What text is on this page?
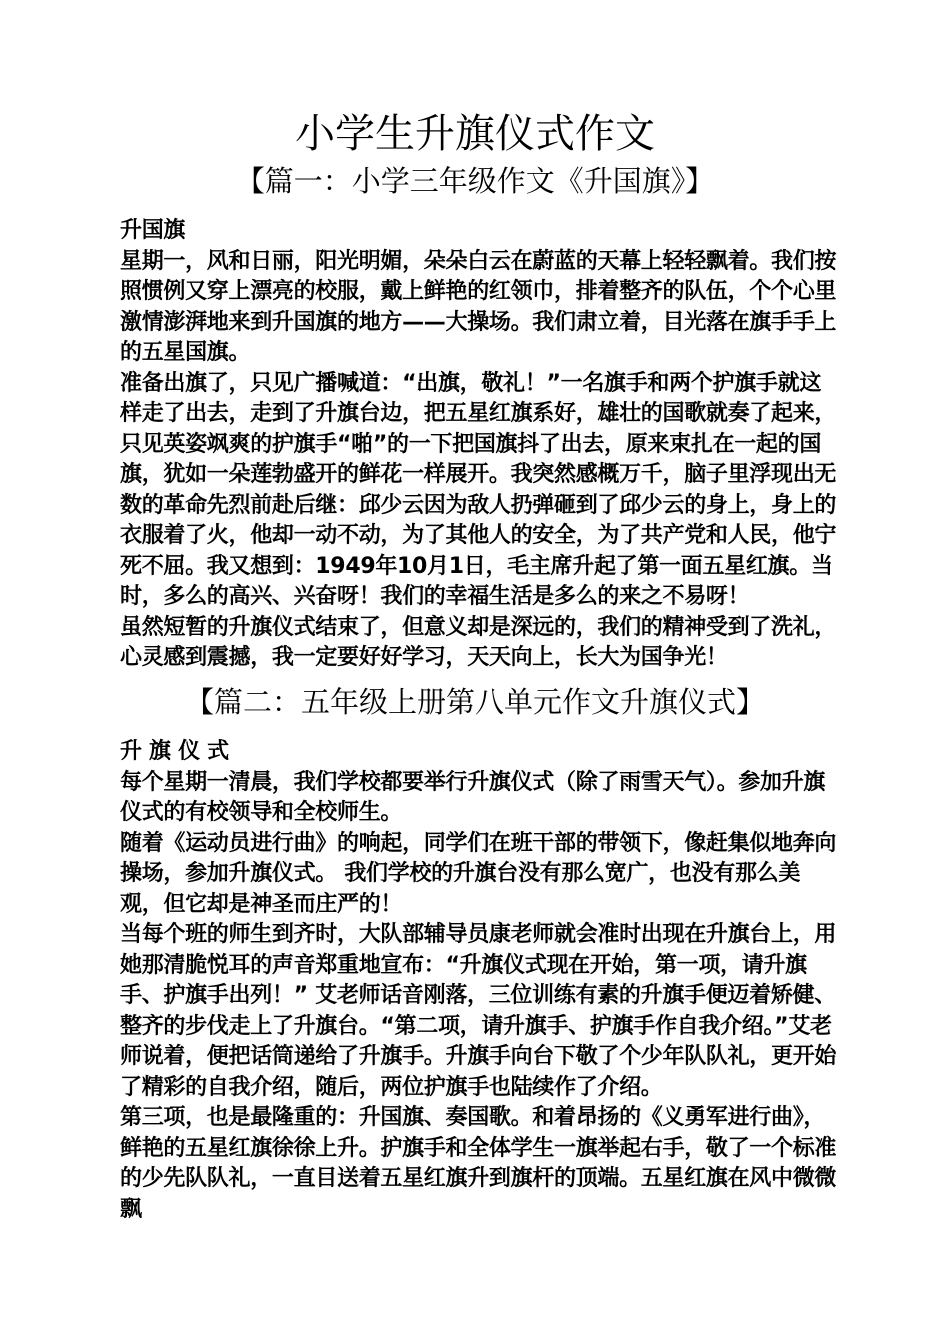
小学生升旗仪式作文
【篇一：小学三年级作文《升国旗》】

升国旗

星期一，风和日丽，阳光明媚，朵朵白云在蔚蓝的天幕上轻轻飘着。我们按照惯例又穿上漂亮的校服，戴上鲜艳的红领巾，排着整齐的队伍，个个心里激情澎湃地来到升国旗的地方——大操场。我们肃立着，目光落在旗手手上的五星国旗。

准备出旗了，只见广播喊道：“出旗，敬礼！”一名旗手和两个护旗手就这样走了出去，走到了升旗台边，把五星红旗系好，雄壮的国歌就奏了起来，只见英姿飒爽的护旗手“啪”的一下把国旗抖了出去，原来束扎在一起的国旗，犹如一朵莲勃盛开的鲜花一样展开。我突然感概万千，脑子里浮现出无数的革命先烈前赴后继：邱少云因为敌人扔弹砸到了邱少云的身上，身上的衣服着了火，他却一动不动，为了其他人的安全，为了共产党和人民，他宁死不屈。我又想到：1949年10月1日，毛主席升起了第一面五星红旗。当时，多么的高兴、兴奋呀！我们的幸福生活是多么的来之不易呀！

虽然短暂的升旗仪式结束了，但意义却是深远的，我们的精神受到了洗礼，心灵感到震撼，我一定要好好学习，天天向上，长大为国争光！

【篇二：五年级上册第八单元作文升旗仪式】

升 旗 仪 式

每个星期一清晨，我们学校都要举行升旗仪式（除了雨雪天气）。参加升旗仪式的有校领导和全校师生。

随着《运动员进行曲》的响起，同学们在班干部的带领下，像赶集似地奔向操场，参加升旗仪式。 我们学校的升旗台没有那么宽广，也没有那么美观，但它却是神圣而庄严的！

当每个班的师生到齐时，大队部辅导员康老师就会准时出现在升旗台上，用她那清脆悦耳的声音郑重地宣布：“升旗仪式现在开始，第一项，请升旗手、护旗手出列！” 艾老师话音刚落，三位训练有素的升旗手便迈着矫健、整齐的步伐走上了升旗台。“第二项，请升旗手、护旗手作自我介绍。”艾老师说着，便把话筒递给了升旗手。升旗手向台下敬了个少年队队礼，更开始了精彩的自我介绍，随后，两位护旗手也陆续作了介绍。

第三项，也是最隆重的：升国旗、奏国歌。和着昂扬的《义勇军进行曲》，鲜艳的五星红旗徐徐上升。护旗手和全体学生一旗举起右手，敬了一个标准的少先队队礼，一直目送着五星红旗升到旗杆的顶端。五星红旗在风中微微飘
